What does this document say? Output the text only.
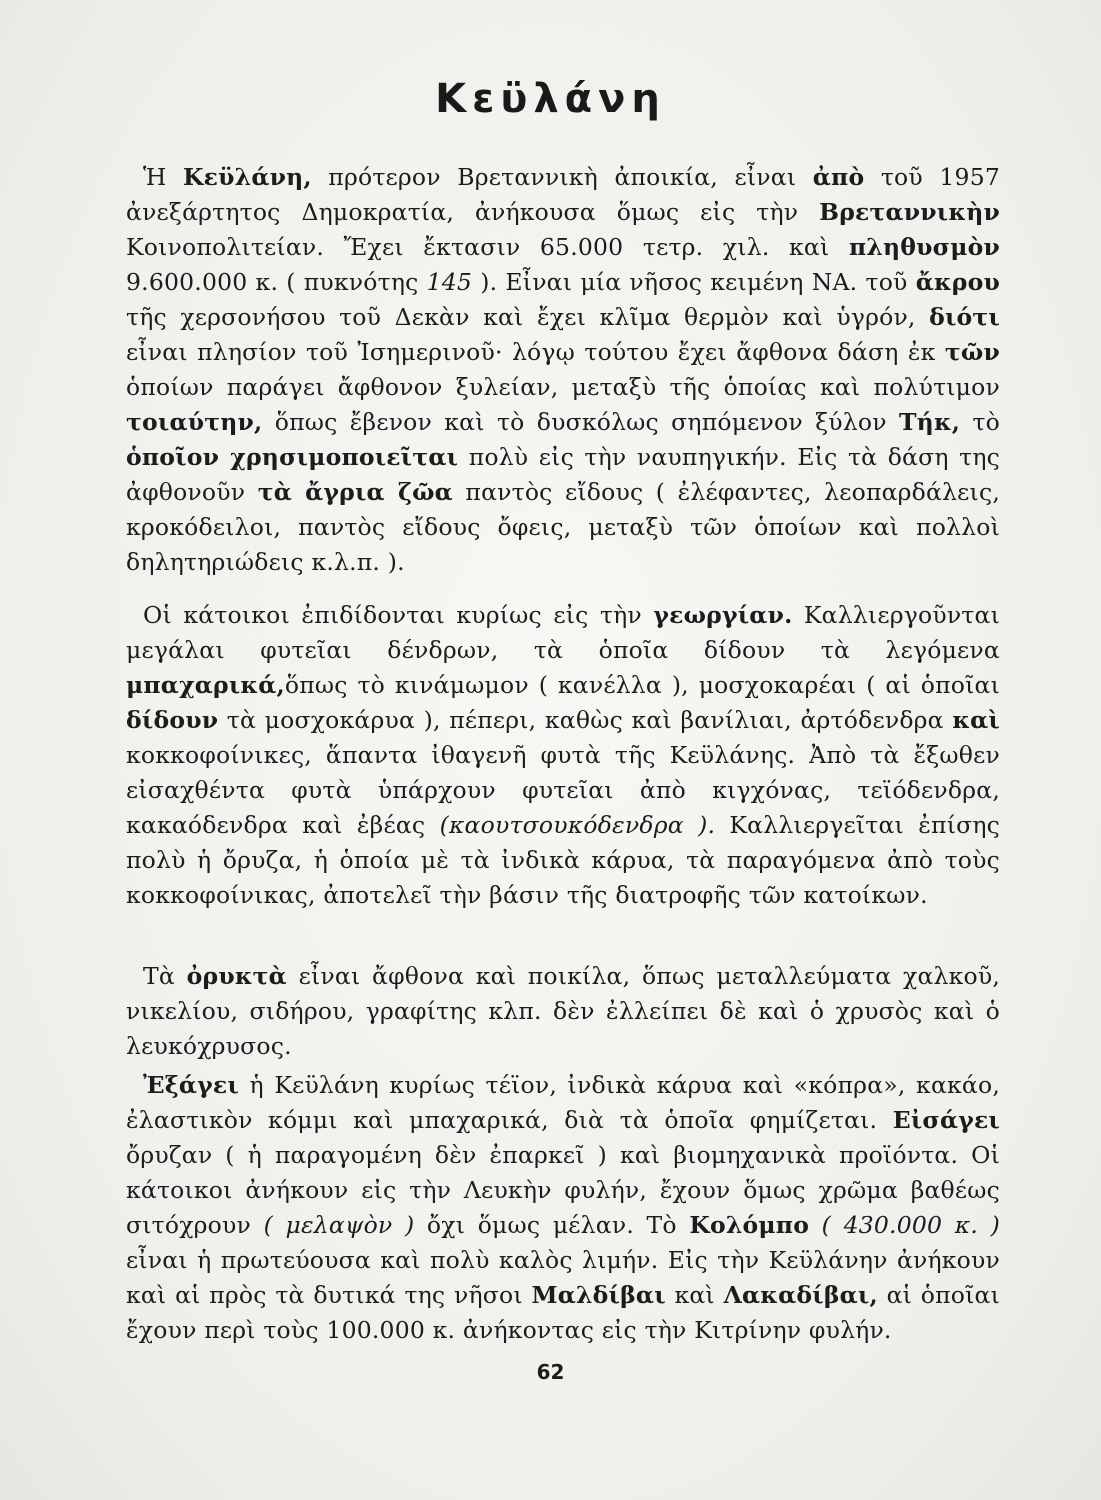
Κεϋλάνη

Ἡ Κεϋλάνη, πρότερον Βρεταννικὴ ἀποικία, εἶναι ἀπὸ τοῦ 1957 ἀνεξάρτητος Δημοκρατία, ἀνήκουσα ὅμως εἰς τὴν Βρεταννικὴν Κοινοπολιτείαν. Ἔχει ἔκτασιν 65.000 τετρ. χιλ. καὶ πληθυσμὸν 9.600.000 κ. ( πυκνότης 145 ). Εἶναι μία νῆσος κειμένη ΝΑ. τοῦ ἄκρου τῆς χερσονήσου τοῦ Δεκὰν καὶ ἔχει κλῖμα θερμὸν καὶ ὑγρόν, διότι εἶναι πλησίον τοῦ Ἰσημερινοῦ· λόγῳ τούτου ἔχει ἄφθονα δάση ἐκ τῶν ὁποίων παράγει ἄφθονον ξυλείαν, μεταξὺ τῆς ὁποίας καὶ πολύτιμον τοιαύτην, ὅπως ἔβενον καὶ τὸ δυσκόλως σηπόμενον ξύλον Τήκ, τὸ ὁποῖον χρησιμοποιεῖται πολὺ εἰς τὴν ναυπηγικήν. Εἰς τὰ δάση της ἀφθονοῦν τὰ ἄγρια ζῶα παντὸς εἴδους ( ἐλέφαντες, λεοπαρδάλεις, κροκόδειλοι, παντὸς εἴδους ὄφεις, μεταξὺ τῶν ὁποίων καὶ πολλοὶ δηλητηριώδεις κ.λ.π. ).

Οἱ κάτοικοι ἐπιδίδονται κυρίως εἰς τὴν γεωργίαν. Καλλιεργοῦνται μεγάλαι φυτεῖαι δένδρων, τὰ ὁποῖα δίδουν τὰ λεγόμενα μπαχαρικά,ὅπως τὸ κινάμωμον ( κανέλλα ), μοσχοκαρέαι ( αἱ ὁποῖαι δίδουν τὰ μοσχοκάρυα ), πέπερι, καθὼς καὶ βανίλιαι, ἀρτόδενδρα καὶ κοκκοφοίνικες, ἅπαντα ἰθαγενῆ φυτὰ τῆς Κεϋλάνης. Ἀπὸ τὰ ἔξωθεν εἰσαχθέντα φυτὰ ὑπάρχουν φυτεῖαι ἀπὸ κιγχόνας, τεϊόδενδρα, κακαόδενδρα καὶ ἐβέας (καουτσουκόδενδρα ). Καλλιεργεῖται ἐπίσης πολὺ ἡ ὄρυζα, ἡ ὁποία μὲ τὰ ἰνδικὰ κάρυα, τὰ παραγόμενα ἀπὸ τοὺς κοκκοφοίνικας, ἀποτελεῖ τὴν βάσιν τῆς διατροφῆς τῶν κατοίκων.

Τὰ ὀρυκτὰ εἶναι ἄφθονα καὶ ποικίλα, ὅπως μεταλλεύματα χαλκοῦ, νικελίου, σιδήρου, γραφίτης κλπ. δὲν ἐλλείπει δὲ καὶ ὁ χρυσὸς καὶ ὁ λευκόχρυσος.

Ἐξάγει ἡ Κεϋλάνη κυρίως τέϊον, ἰνδικὰ κάρυα καὶ «κόπρα», κακάο, ἐλαστικὸν κόμμι καὶ μπαχαρικά, διὰ τὰ ὁποῖα φημίζεται. Εἰσάγει ὄρυζαν ( ἡ παραγομένη δὲν ἐπαρκεῖ ) καὶ βιομηχανικὰ προϊόντα. Οἱ κάτοικοι ἀνήκουν εἰς τὴν Λευκὴν φυλήν, ἔχουν ὅμως χρῶμα βαθέως σιτόχρουν ( μελαψὸν ) ὄχι ὅμως μέλαν. Τὸ Κολόμπο ( 430.000 κ. ) εἶναι ἡ πρωτεύουσα καὶ πολὺ καλὸς λιμήν. Εἰς τὴν Κεϋλάνην ἀνήκουν καὶ αἱ πρὸς τὰ δυτικά της νῆσοι Μαλδίβαι καὶ Λακαδίβαι, αἱ ὁποῖαι ἔχουν περὶ τοὺς 100.000 κ. ἀνήκοντας εἰς τὴν Κιτρίνην φυλήν.

62
